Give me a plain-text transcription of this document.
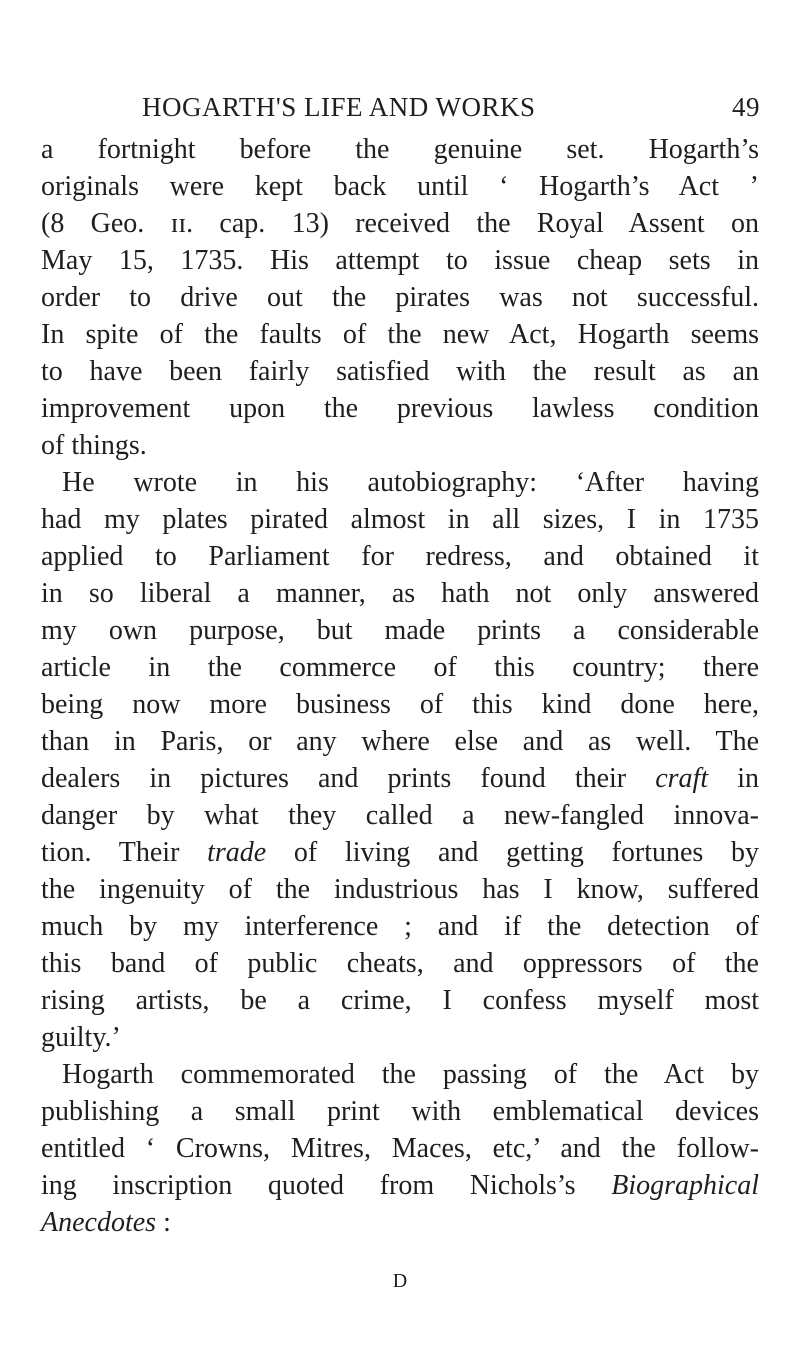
HOGARTH'S LIFE AND WORKS	49
a fortnight before the genuine set. Hogarth’s
originals were kept back until ‘ Hogarth’s Act ’
(8 Geo. ɪɪ. cap. 13) received the Royal Assent on
May 15, 1735. His attempt to issue cheap sets in
order to drive out the pirates was not successful.
In spite of the faults of the new Act, Hogarth seems
to have been fairly satisfied with the result as an
improvement upon the previous lawless condition
of things.
He wrote in his autobiography: ‘After having
had my plates pirated almost in all sizes, I in 1735
applied to Parliament for redress, and obtained it
in so liberal a manner, as hath not only answered
my own purpose, but made prints a considerable
article in the commerce of this country; there
being now more business of this kind done here,
than in Paris, or any where else and as well. The
dealers in pictures and prints found their craft in
danger by what they called a new-fangled innova-
tion. Their trade of living and getting fortunes by
the ingenuity of the industrious has I know, suffered
much by my interference ; and if the detection of
this band of public cheats, and oppressors of the
rising artists, be a crime, I confess myself most
guilty.’
Hogarth commemorated the passing of the Act by
publishing a small print with emblematical devices
entitled ‘ Crowns, Mitres, Maces, etc,’ and the follow-
ing inscription quoted from Nichols’s Biographical
Anecdotes :
D
